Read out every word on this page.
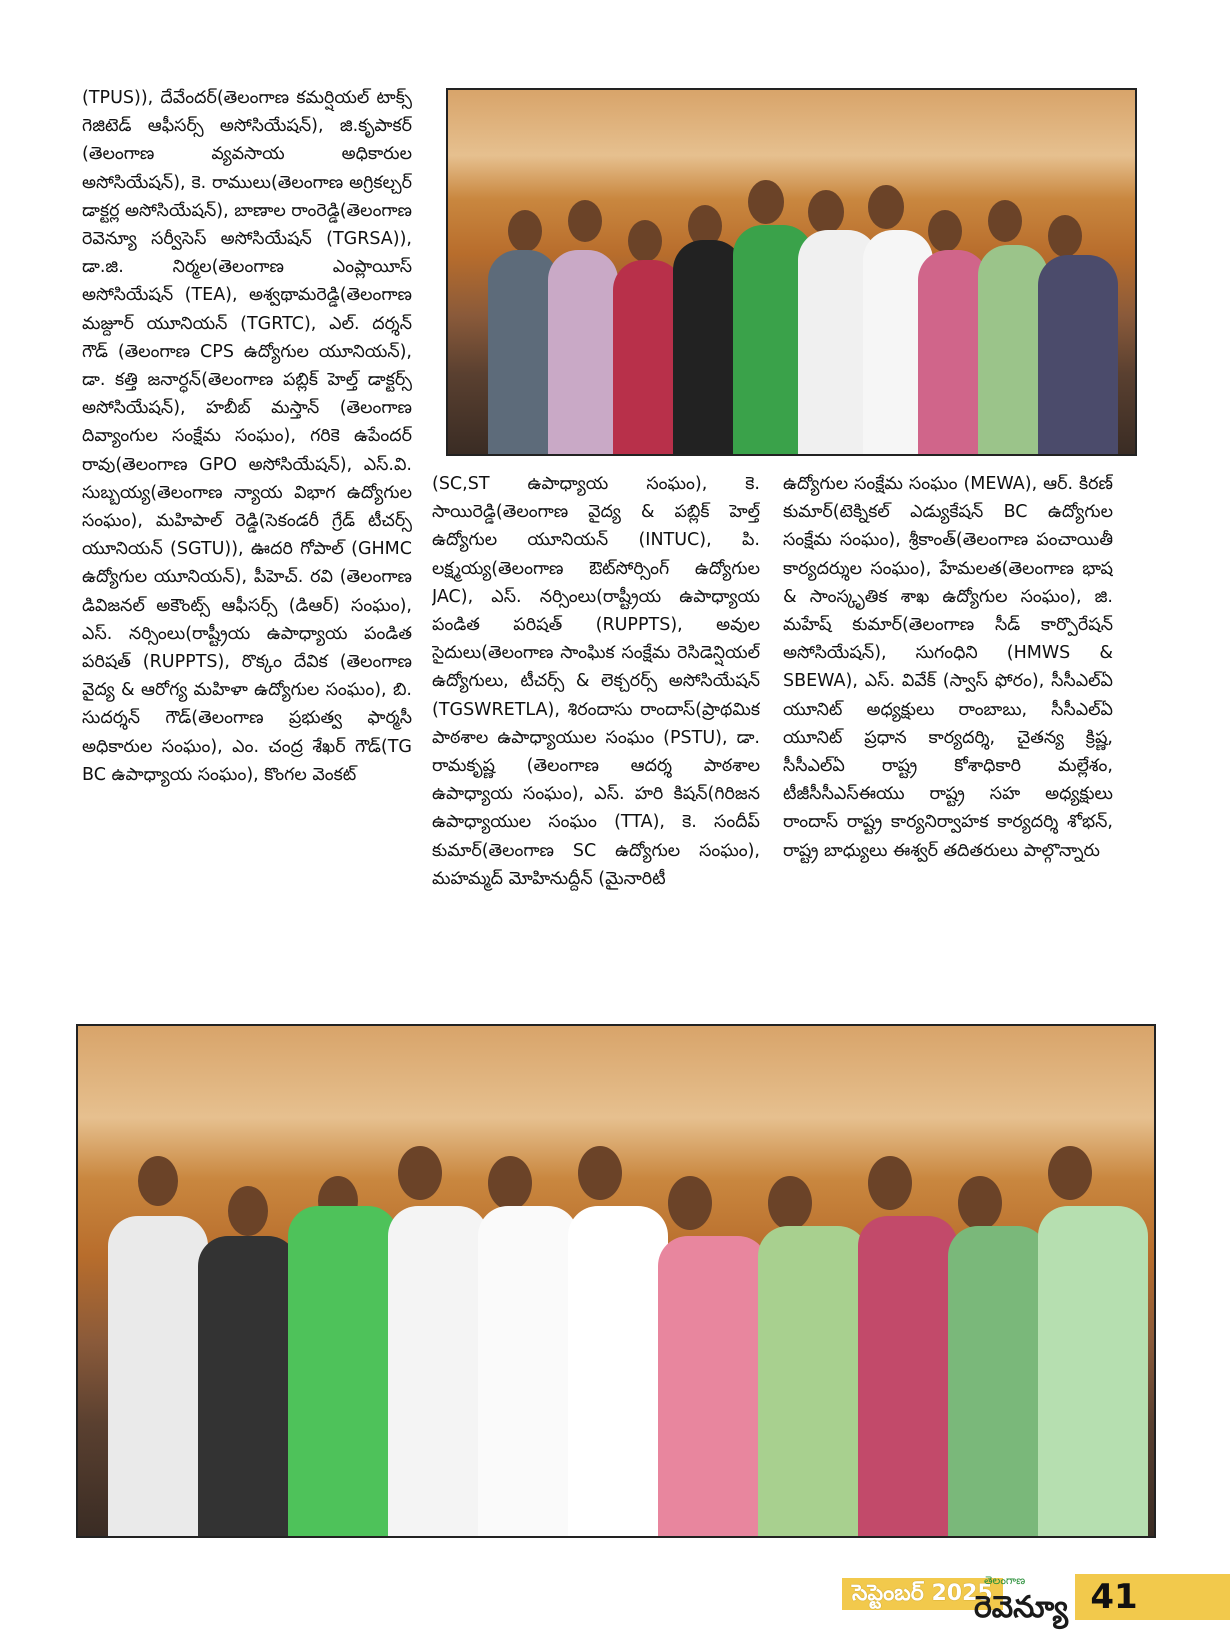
(TPUS)), దేవేందర్(తెలంగాణ కమర్షియల్ టాక్స్ గెజిటెడ్ ఆఫీసర్స్ అసోసియేషన్), జి.కృపాకర్ (తెలంగాణ వ్యవసాయ అధికారుల అసోసియేషన్), కె. రాములు(తెలంగాణ అగ్రికల్చర్ డాక్టర్ల అసోసియేషన్), బాణాల రాంరెడ్డి(తెలంగాణ రెవెన్యూ సర్వీసెస్ అసోసియేషన్ (TGRSA)), డా.జి. నిర్మల(తెలంగాణ ఎంప్లాయీస్ అసోసియేషన్ (TEA), అశ్వథామరెడ్డి(తెలంగాణ మజ్దూర్ యూనియన్ (TGRTC), ఎల్. దర్శన్ గౌడ్ (తెలంగాణ CPS ఉద్యోగుల యూనియన్), డా. కత్తి జనార్ధన్(తెలంగాణ పబ్లిక్ హెల్త్ డాక్టర్స్ అసోసియేషన్), హబీబ్ మస్తాన్ (తెలంగాణ దివ్యాంగుల సంక్షేమ సంఘం), గరికె ఉపేందర్ రావు(తెలంగాణ GPO అసోసియేషన్), ఎస్.వి. సుబ్బయ్య(తెలంగాణ న్యాయ విభాగ ఉద్యోగుల సంఘం), మహిపాల్ రెడ్డి(సెకండరీ గ్రేడ్ టీచర్స్ యూనియన్ (SGTU)), ఊదరి గోపాల్ (GHMC ఉద్యోగుల యూనియన్), పీహెచ్. రవి (తెలంగాణ డివిజనల్ అకౌంట్స్ ఆఫీసర్స్ (డిఆర్) సంఘం), ఎస్. నర్సింలు(రాష్ట్రీయ ఉపాధ్యాయ పండిత పరిషత్ (RUPPTS), రొక్కం దేవిక (తెలంగాణ వైద్య & ఆరోగ్య మహిళా ఉద్యోగుల సంఘం), బి. సుదర్శన్ గౌడ్(తెలంగాణ ప్రభుత్వ ఫార్మసీ అధికారుల సంఘం), ఎం. చంద్ర శేఖర్ గౌడ్(TG BC ఉపాధ్యాయ సంఘం), కొంగల వెంకట్
(SC,ST ఉపాధ్యాయ సంఘం), కె. సాయిరెడ్డి(తెలంగాణ వైద్య & పబ్లిక్ హెల్త్ ఉద్యోగుల యూనియన్ (INTUC), పి. లక్ష్మయ్య(తెలంగాణ ఔట్‌సోర్సింగ్ ఉద్యోగుల JAC), ఎస్. నర్సింలు(రాష్ట్రీయ ఉపాధ్యాయ పండిత పరిషత్ (RUPPTS), అవుల సైదులు(తెలంగాణ సాంఘిక సంక్షేమ రెసిడెన్షియల్ ఉద్యోగులు, టీచర్స్ & లెక్చరర్స్ అసోసియేషన్ (TGSWRETLA), శిరందాసు రాందాస్(ప్రాథమిక పాఠశాల ఉపాధ్యాయుల సంఘం (PSTU), డా. రామకృష్ణ (తెలంగాణ ఆదర్శ పాఠశాల ఉపాధ్యాయ సంఘం), ఎస్. హరి కిషన్(గిరిజన ఉపాధ్యాయుల సంఘం (TTA), కె. సందీప్ కుమార్(తెలంగాణ SC ఉద్యోగుల సంఘం), మహమ్మద్ మోహినుద్దీన్ (మైనారిటీ
ఉద్యోగుల సంక్షేమ సంఘం (MEWA), ఆర్. కిరణ్ కుమార్(టెక్నికల్ ఎడ్యుకేషన్ BC ఉద్యోగుల సంక్షేమ సంఘం), శ్రీకాంత్(తెలంగాణ పంచాయితీ కార్యదర్శుల సంఘం), హేమలత(తెలంగాణ భాష & సాంస్కృతిక శాఖ ఉద్యోగుల సంఘం), జి. మహేష్ కుమార్(తెలంగాణ సీడ్ కార్పొరేషన్ అసోసియేషన్), సుగంధిని (HMWS & SBEWA), ఎస్. వివేక్ (స్వాస్ ఫోరం), సీసీఎల్ఏ యూనిట్ అధ్యక్షులు రాంబాబు, సీసీఎల్ఏ యూనిట్ ప్రధాన కార్యదర్శి, చైతన్య క్రిష్ణ, సీసీఎల్ఏ రాష్ట్ర కోశాధికారి మల్లేశం, టీజీసీసీఎస్ఈయు రాష్ట్ర సహ అధ్యక్షులు రాందాస్ రాష్ట్ర కార్యనిర్వాహక కార్యదర్శి శోభన్, రాష్ట్ర బాధ్యులు ఈశ్వర్ తదితరులు పాల్గొన్నారు
సెప్టెంబర్ 2025
తెలంగాణ
రెవెన్యూ 41
